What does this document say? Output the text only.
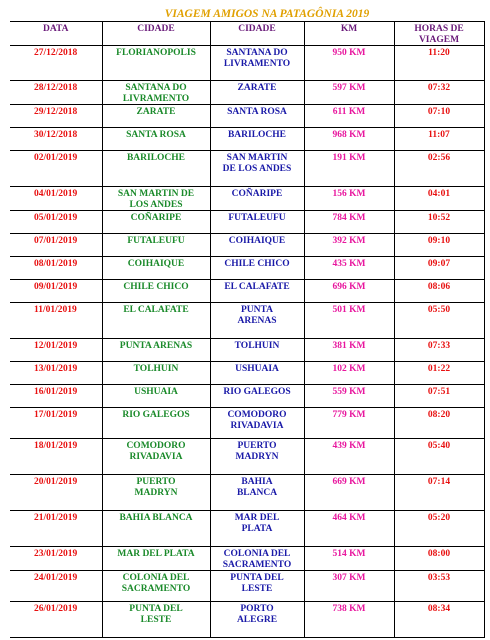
VIAGEM AMIGOS NA PATAGÔNIA 2019
DATA	CIDADE	CIDADE	KM	HORAS DE
VIAGEM
27/12/2018	FLORIANOPOLIS	SANTANA DO
LIVRAMENTO	950 KM	11:20
28/12/2018	SANTANA DO
LIVRAMENTO	ZARATE	597 KM	07:32
29/12/2018	ZARATE	SANTA ROSA	611 KM	07:10
30/12/2018	SANTA ROSA	BARILOCHE	968 KM	11:07
02/01/2019	BARILOCHE	SAN MARTIN
DE LOS ANDES	191 KM	02:56
04/01/2019	SAN MARTIN DE
LOS ANDES	COÑARIPE	156 KM	04:01
05/01/2019	COÑARIPE	FUTALEUFU	784 KM	10:52
07/01/2019	FUTALEUFU	COIHAIQUE	392 KM	09:10
08/01/2019	COIHAIQUE	CHILE CHICO	435 KM	09:07
09/01/2019	CHILE CHICO	EL CALAFATE	696 KM	08:06
11/01/2019	EL CALAFATE	PUNTA
ARENAS	501 KM	05:50
12/01/2019	PUNTA ARENAS	TOLHUIN	381 KM	07:33
13/01/2019	TOLHUIN	USHUAIA	102 KM	01:22
16/01/2019	USHUAIA	RIO GALEGOS	559 KM	07:51
17/01/2019	RIO GALEGOS	COMODORO
RIVADAVIA	779 KM	08:20
18/01/2019	COMODORO
RIVADAVIA	PUERTO
MADRYN	439 KM	05:40
20/01/2019	PUERTO
MADRYN	BAHIA
BLANCA	669 KM	07:14
21/01/2019	BAHIA BLANCA	MAR DEL
PLATA	464 KM	05:20
23/01/2019	MAR DEL PLATA	COLONIA DEL
SACRAMENTO	514 KM	08:00
24/01/2019	COLONIA DEL
SACRAMENTO	PUNTA DEL
LESTE	307 KM	03:53
26/01/2019	PUNTA DEL
LESTE	PORTO
ALEGRE	738 KM	08:34
